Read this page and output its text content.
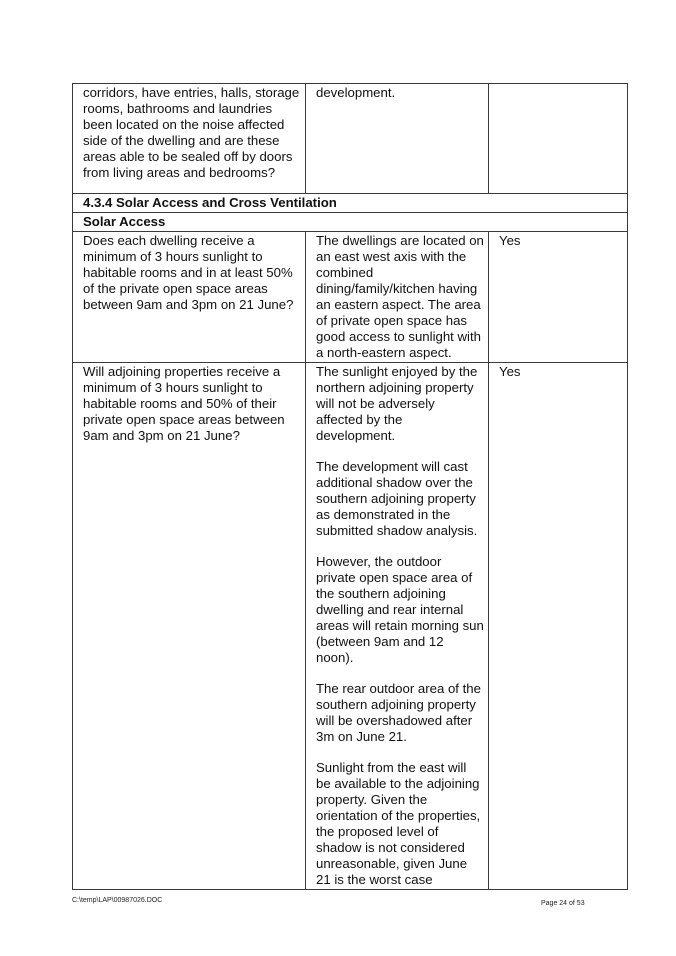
corridors, have entries, halls, storage rooms, bathrooms and laundries been located on the noise affected side of the dwelling and are these areas able to be sealed off by doors from living areas and bedrooms?	development.	
4.3.4 Solar Access and Cross Ventilation		
Solar Access		
Does each dwelling receive a minimum of 3 hours sunlight to habitable rooms and in at least 50% of the private open space areas between 9am and 3pm on 21 June?	The dwellings are located on an east west axis with the combined dining/family/kitchen having an eastern aspect. The area of private open space has good access to sunlight with a north-eastern aspect.	Yes
Will adjoining properties receive a minimum of 3 hours sunlight to habitable rooms and 50% of their private open space areas between 9am and 3pm on 21 June?	The sunlight enjoyed by the northern adjoining property will not be adversely affected by the development.

The development will cast additional shadow over the southern adjoining property as demonstrated in the submitted shadow analysis.

However, the outdoor private open space area of the southern adjoining dwelling and rear internal areas will retain morning sun (between 9am and 12 noon).

The rear outdoor area of the southern adjoining property will be overshadowed after 3m on June 21.

Sunlight from the east will be available to the adjoining property. Given the orientation of the properties, the proposed level of shadow is not considered unreasonable, given June 21 is the worst case	Yes
C:\temp\LAP\00987026.DOC	Page 24 of 53
